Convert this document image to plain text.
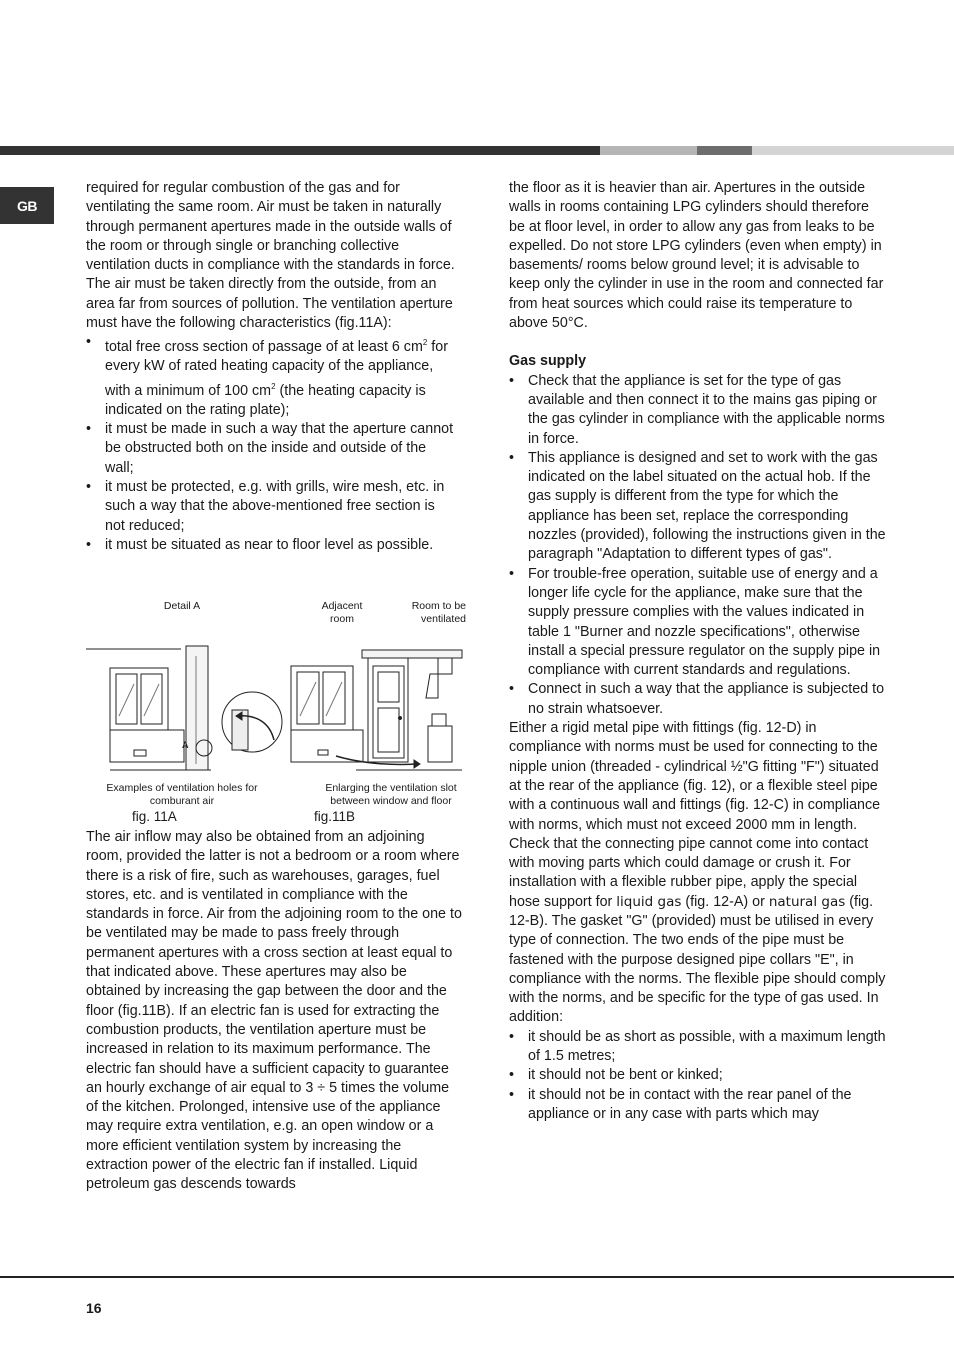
GB

required for regular combustion of the gas and for ventilating the same room. Air must be taken in naturally through permanent apertures made in the outside walls of the room or through single or branching collective ventilation ducts in compliance with the standards in force. The air must be taken directly from the outside, from an area far from sources of pollution. The ventilation aperture must have the following characteristics (fig.11A):

• total free cross section of passage of at least 6 $cm^2$ for every kW of rated heating capacity of the appliance, with a minimum of 100 $cm^2$ (the heating capacity is indicated on the rating plate);
• it must be made in such a way that the aperture cannot be obstructed both on the inside and outside of the wall;
• it must be protected, e.g. with grills, wire mesh, etc. in such a way that the above-mentioned free section is not reduced;
• it must be situated as near to floor level as possible.
Detail A	Adjacent room
Room to be ventilated
A
Examples of ventilation holes for comburant air
Enlarging the ventilation slot between window and floor
fig. 11A	fig.11B

The air inflow may also be obtained from an adjoining room, provided the latter is not a bedroom or a room where there is a risk of fire, such as warehouses, garages, fuel stores, etc. and is ventilated in compliance with the standards in force. Air from the adjoining room to the one to be ventilated may be made to pass freely through permanent apertures with a cross section at least equal to that indicated above. These apertures may also be obtained by increasing the gap between the door and the floor (fig.11B). If an electric fan is used for extracting the combustion products, the ventilation aperture must be increased in relation to its maximum performance. The electric fan should have a sufficient capacity to guarantee an hourly exchange of air equal to 3 ÷ 5 times the volume of the kitchen. Prolonged, intensive use of the appliance may require extra ventilation, e.g. an open window or a more efficient ventilation system by increasing the extraction power of the electric fan if installed. Liquid petroleum gas descends towards

the floor as it is heavier than air. Apertures in the outside walls in rooms containing LPG cylinders should therefore be at floor level, in order to allow any gas from leaks to be expelled. Do not store LPG cylinders (even when empty) in basements/ rooms below ground level; it is advisable to keep only the cylinder in use in the room and connected far from heat sources which could raise its temperature to above 50°C.

Gas supply

• Check that the appliance is set for the type of gas available and then connect it to the mains gas piping or the gas cylinder in compliance with the applicable norms in force.
• This appliance is designed and set to work with the gas indicated on the label situated on the actual hob. If the gas supply is different from the type for which the appliance has been set, replace the corresponding nozzles (provided), following the instructions given in the paragraph "Adaptation to different types of gas".
• For trouble-free operation, suitable use of energy and a longer life cycle for the appliance, make sure that the supply pressure complies with the values indicated in table 1 "Burner and nozzle specifications", otherwise install a special pressure regulator on the supply pipe in compliance with current standards and regulations.
• Connect in such a way that the appliance is subjected to no strain whatsoever.

Either a rigid metal pipe with fittings (fig. 12-D) in compliance with norms must be used for connecting to the nipple union (threaded - cylindrical ½"G fitting "F") situated at the rear of the appliance (fig. 12), or a flexible steel pipe with a continuous wall and fittings (fig. 12-C) in compliance with norms, which must not exceed 2000 mm in length. Check that the connecting pipe cannot come into contact with moving parts which could damage or crush it. For installation with a flexible rubber pipe, apply the special hose support for liquid gas (fig. 12-A) or natural gas (fig. 12-B). The gasket "G" (provided) must be utilised in every type of connection. The two ends of the pipe must be fastened with the purpose designed pipe collars "E", in compliance with the norms. The flexible pipe should comply with the norms, and be specific for the type of gas used. In addition:

• it should be as short as possible, with a maximum length of 1.5 metres;
• it should not be bent or kinked;
• it should not be in contact with the rear panel of the appliance or in any case with parts which may
16
